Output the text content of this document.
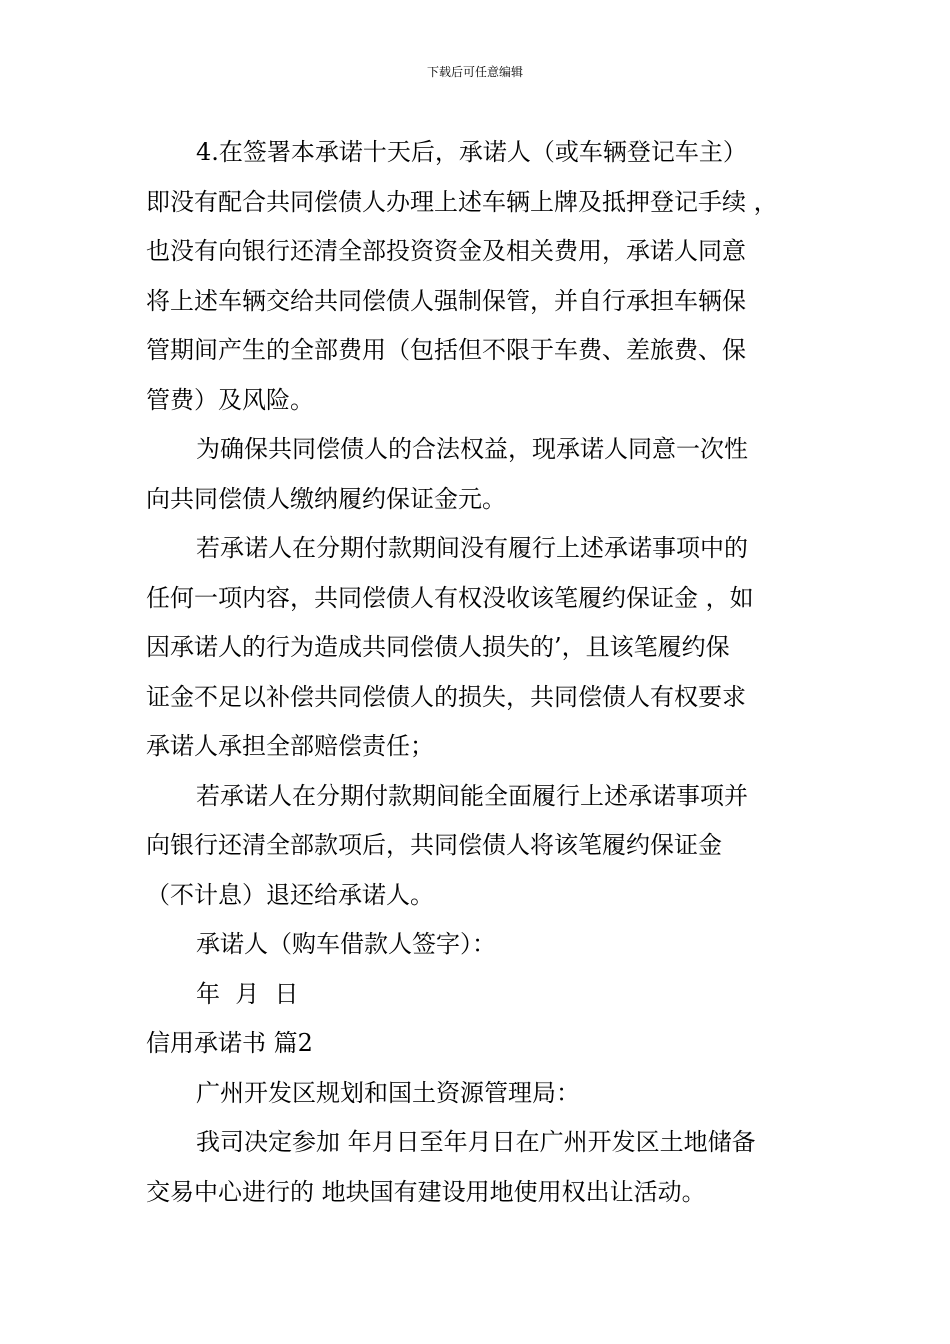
下载后可任意编辑
4.在签署本承诺十天后，承诺人（或车辆登记车主）
即没有配合共同偿债人办理上述车辆上牌及抵押登记手续 ，
也没有向银行还清全部投资资金及相关费用，承诺人同意
将上述车辆交给共同偿债人强制保管，并自行承担车辆保
管期间产生的全部费用（包括但不限于车费、差旅费、保
管费）及风险。
为确保共同偿债人的合法权益，现承诺人同意一次性
向共同偿债人缴纳履约保证金元。
若承诺人在分期付款期间没有履行上述承诺事项中的
任何一项内容，共同偿债人有权没收该笔履约保证金 ，如
因承诺人的行为造成共同偿债人损失的’，且该笔履约保
证金不足以补偿共同偿债人的损失，共同偿债人有权要求
承诺人承担全部赔偿责任；
若承诺人在分期付款期间能全面履行上述承诺事项并
向银行还清全部款项后，共同偿债人将该笔履约保证金
（不计息）退还给承诺人。
承诺人（购车借款人签字）：
年  月  日
信用承诺书 篇2
广州开发区规划和国土资源管理局：
我司决定参加 年月日至年月日在广州开发区土地储备
交易中心进行的 地块国有建设用地使用权出让活动。
